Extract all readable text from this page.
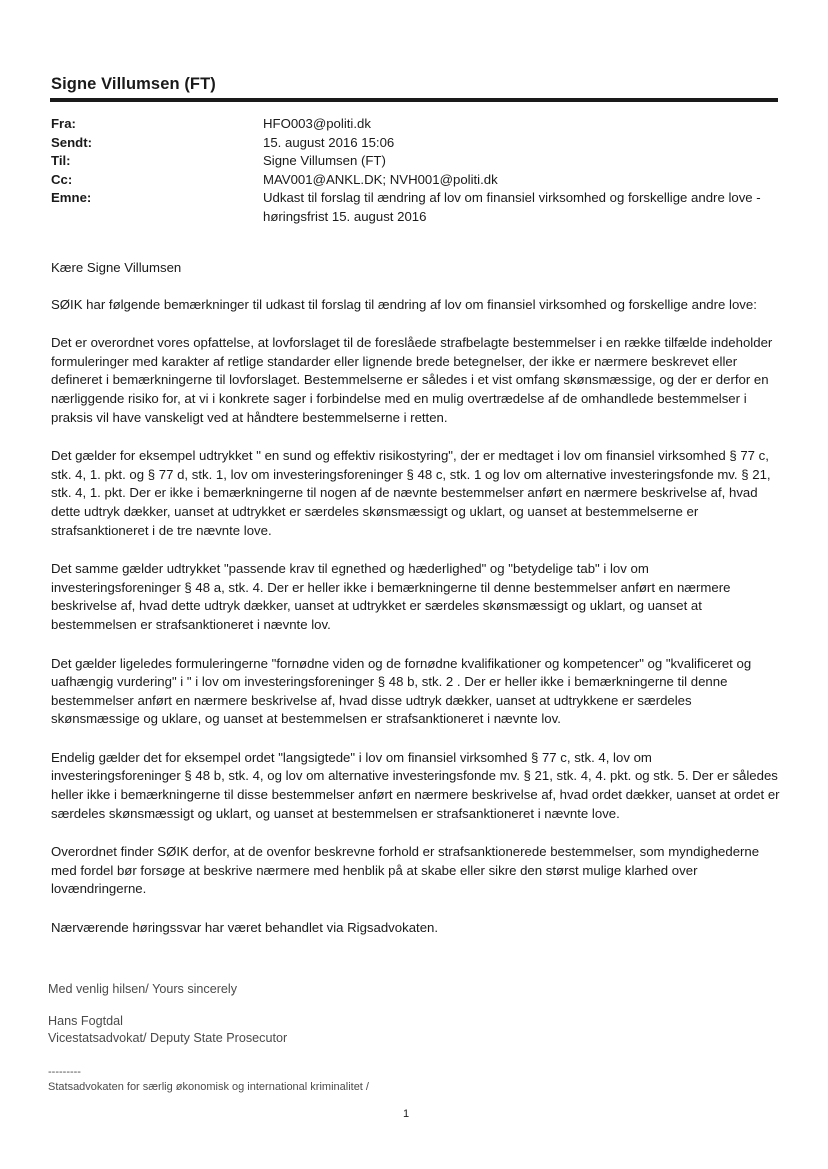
Signe Villumsen (FT)
Fra:	HFO003@politi.dk
Sendt:	15. august 2016 15:06
Til:	Signe Villumsen (FT)
Cc:	MAV001@ANKL.DK; NVH001@politi.dk
Emne:	Udkast til forslag til ændring af lov om finansiel virksomhed og forskellige andre love - høringsfrist 15. august 2016

Kære Signe Villumsen

SØIK har følgende bemærkninger til udkast til forslag til ændring af lov om finansiel virksomhed og forskellige andre love:

Det er overordnet vores opfattelse, at lovforslaget til de foreslåede strafbelagte bestemmelser i en række tilfælde indeholder formuleringer med karakter af retlige standarder eller lignende brede betegnelser, der ikke er nærmere beskrevet eller defineret i bemærkningerne til lovforslaget. Bestemmelserne er således i et vist omfang skønsmæssige, og der er derfor en nærliggende risiko for, at vi i konkrete sager i forbindelse med en mulig overtrædelse af de omhandlede bestemmelser i praksis vil have vanskeligt ved at håndtere bestemmelserne i retten.

Det gælder for eksempel udtrykket " en sund og effektiv risikostyring", der er medtaget i lov om finansiel virksomhed § 77 c, stk. 4, 1. pkt. og § 77 d, stk. 1, lov om investeringsforeninger § 48 c, stk. 1 og lov om alternative investeringsfonde mv. § 21, stk. 4, 1. pkt. Der er ikke i bemærkningerne til nogen af de nævnte bestemmelser anført en nærmere beskrivelse af, hvad dette udtryk dækker, uanset at udtrykket er særdeles skønsmæssigt og uklart, og uanset at bestemmelserne er strafsanktioneret i de tre nævnte love.

Det samme gælder udtrykket "passende krav til egnethed og hæderlighed" og "betydelige tab" i lov om investeringsforeninger § 48 a, stk. 4. Der er heller ikke i bemærkningerne til denne bestemmelser anført en nærmere beskrivelse af, hvad dette udtryk dækker, uanset at udtrykket er særdeles skønsmæssigt og uklart, og uanset at bestemmelsen er strafsanktioneret i nævnte lov.

Det gælder ligeledes formuleringerne "fornødne viden og de fornødne kvalifikationer og kompetencer" og "kvalificeret og uafhængig vurdering" i " i lov om investeringsforeninger § 48 b, stk. 2 . Der er heller ikke i bemærkningerne til denne bestemmelser anført en nærmere beskrivelse af, hvad disse udtryk dækker, uanset at udtrykkene er særdeles skønsmæssige og uklare, og uanset at bestemmelsen er strafsanktioneret i nævnte lov.

Endelig gælder det for eksempel ordet "langsigtede" i lov om finansiel virksomhed § 77 c, stk. 4, lov om investeringsforeninger § 48 b, stk. 4, og lov om alternative investeringsfonde mv. § 21, stk. 4, 4. pkt. og stk. 5. Der er således heller ikke i bemærkningerne til disse bestemmelser anført en nærmere beskrivelse af, hvad ordet dækker, uanset at ordet er særdeles skønsmæssigt og uklart, og uanset at bestemmelsen er strafsanktioneret i nævnte love.

Overordnet finder SØIK derfor, at de ovenfor beskrevne forhold er strafsanktionerede bestemmelser, som myndighederne med fordel bør forsøge at beskrive nærmere med henblik på at skabe eller sikre den størst mulige klarhed over lovændringerne.

Nærværende høringssvar har været behandlet via Rigsadvokaten.

Med venlig hilsen/ Yours sincerely
Hans Fogtdal
Vicestatsadvokat/ Deputy State Prosecutor
---------
Statsadvokaten for særlig økonomisk og international kriminalitet /
1
